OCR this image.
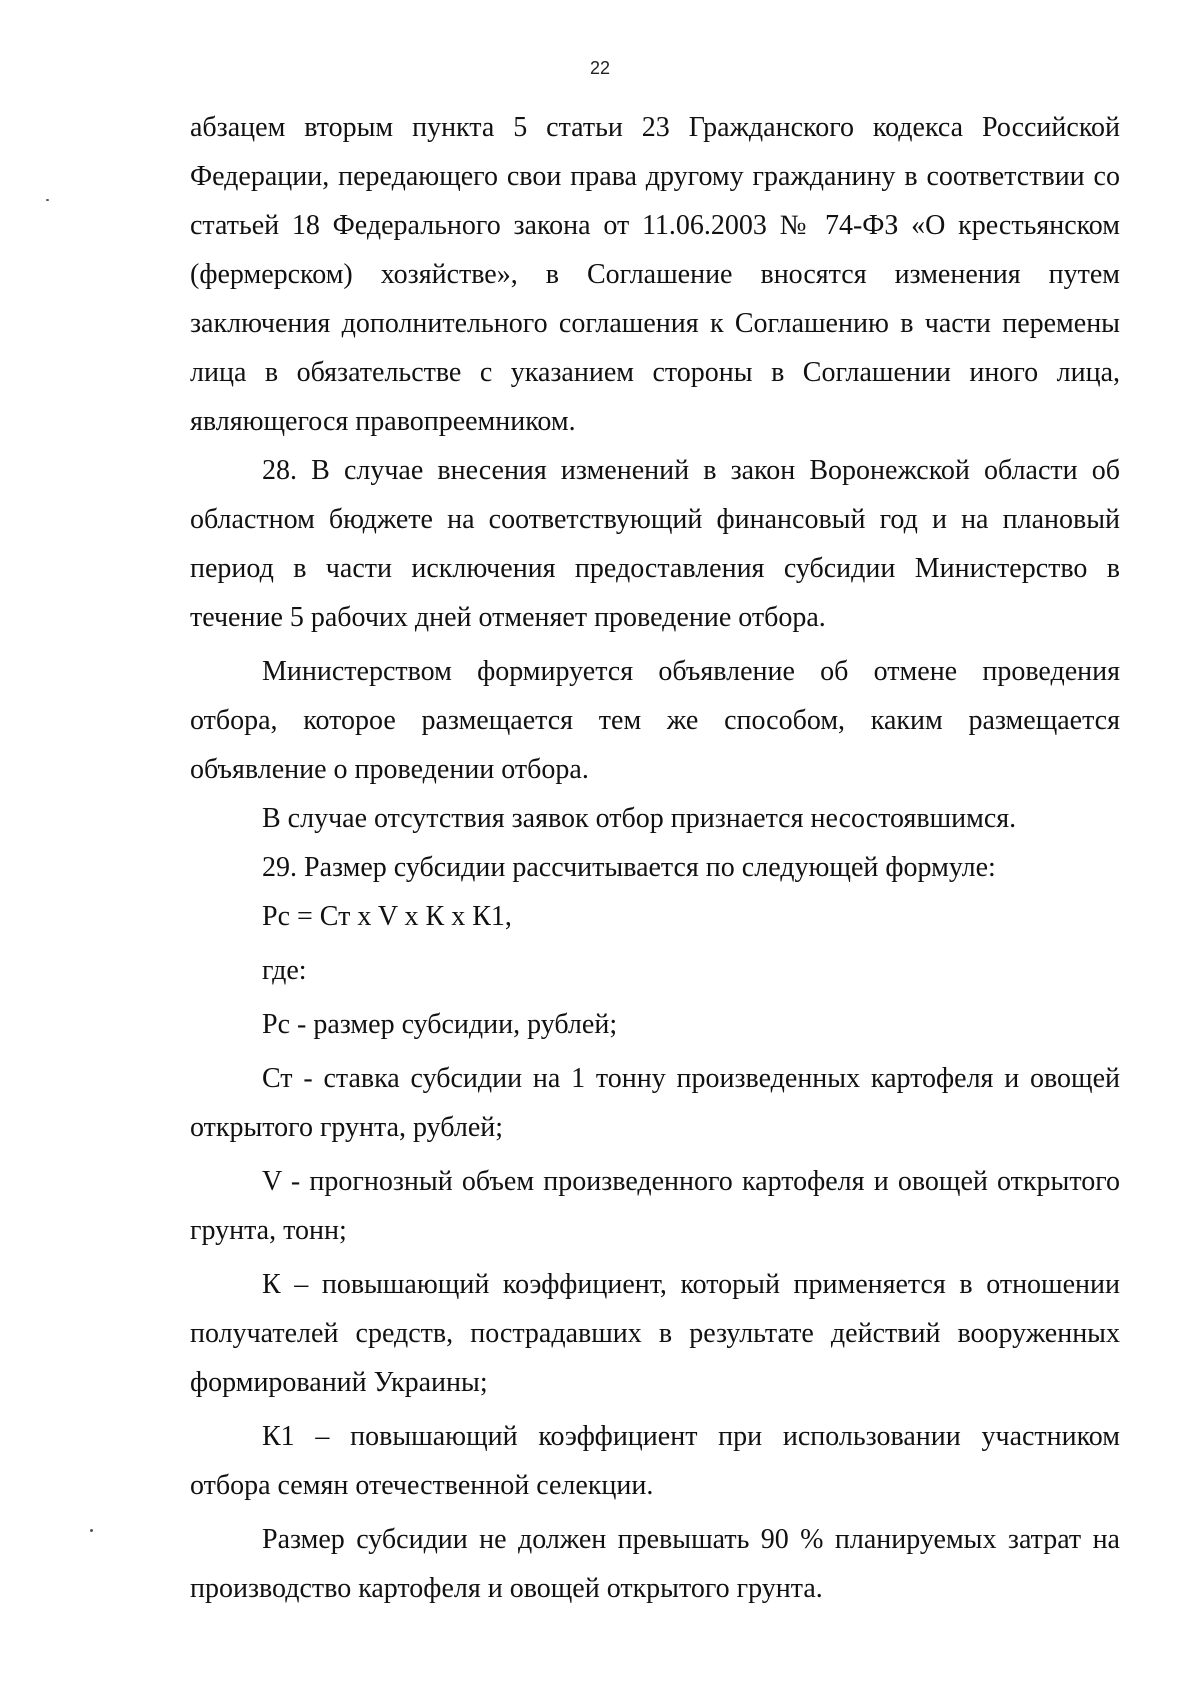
22

абзацем вторым пункта 5 статьи 23 Гражданского кодекса Российской Федерации, передающего свои права другому гражданину в соответствии со статьей 18 Федерального закона от 11.06.2003 № 74-ФЗ «О крестьянском (фермерском) хозяйстве», в Соглашение вносятся изменения путем заключения дополнительного соглашения к Соглашению в части перемены лица в обязательстве с указанием стороны в Соглашении иного лица, являющегося правопреемником.

28. В случае внесения изменений в закон Воронежской области об областном бюджете на соответствующий финансовый год и на плановый период в части исключения предоставления субсидии Министерство в течение 5 рабочих дней отменяет проведение отбора.

Министерством формируется объявление об отмене проведения отбора, которое размещается тем же способом, каким размещается объявление о проведении отбора.

В случае отсутствия заявок отбор признается несостоявшимся.

29. Размер субсидии рассчитывается по следующей формуле:

Рс = Ст x V x К x К1,

где:

Рс - размер субсидии, рублей;

Ст - ставка субсидии на 1 тонну произведенных картофеля и овощей открытого грунта, рублей;

V - прогнозный объем произведенного картофеля и овощей открытого грунта, тонн;

К – повышающий коэффициент, который применяется в отношении получателей средств, пострадавших в результате действий вооруженных формирований Украины;

К1 – повышающий коэффициент при использовании участником отбора семян отечественной селекции.

Размер субсидии не должен превышать 90 % планируемых затрат на производство картофеля и овощей открытого грунта.
